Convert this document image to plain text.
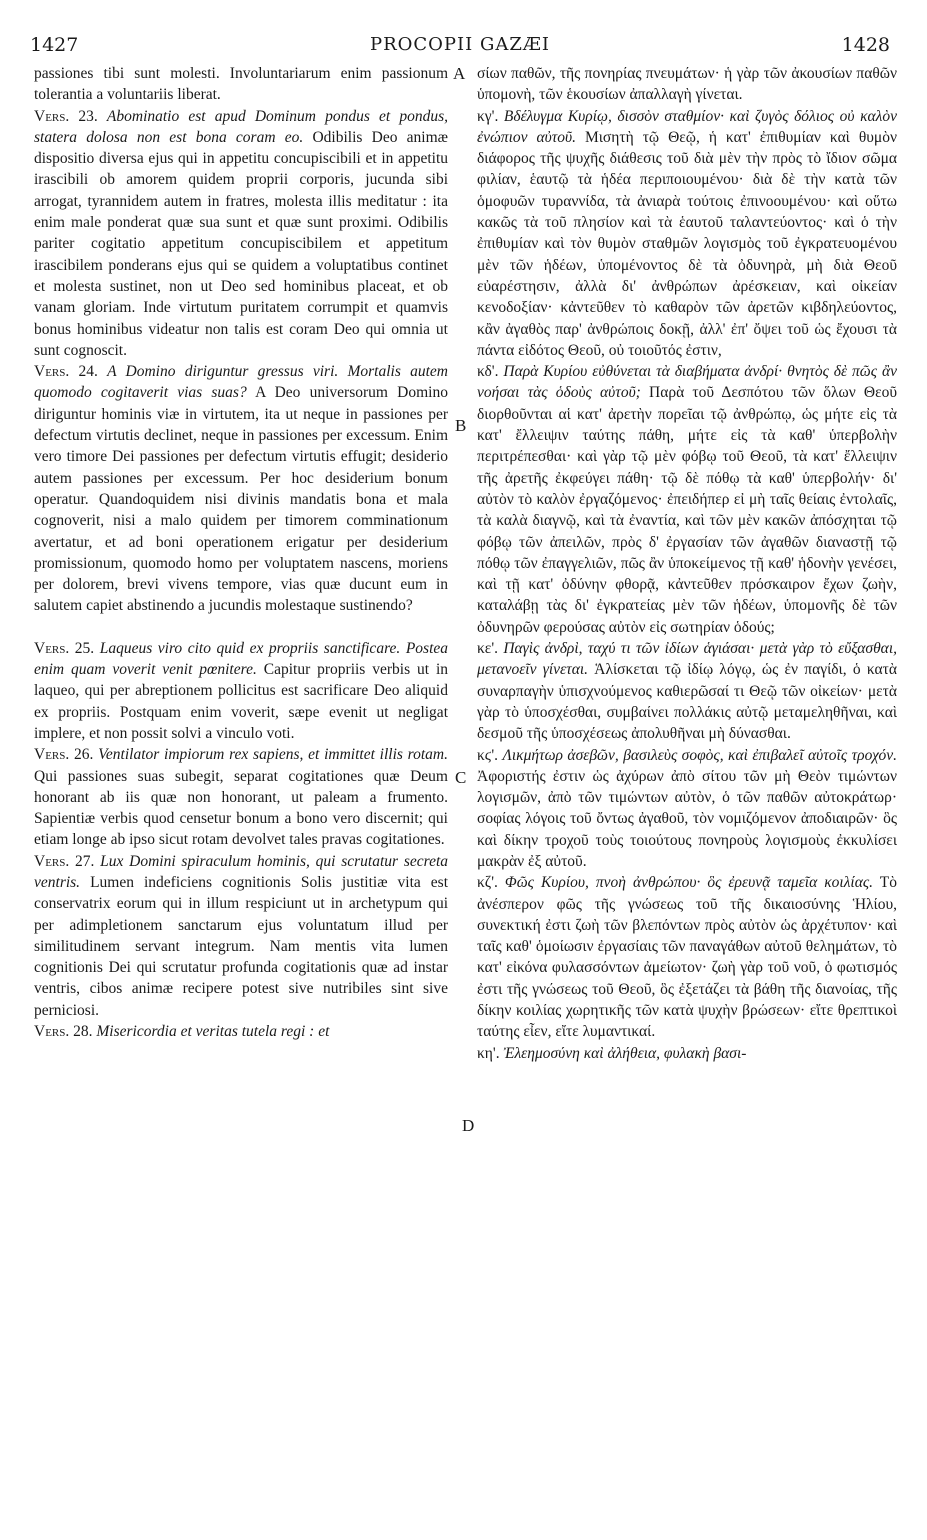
1427	PROCOPII GAZÆI	1428
A
B
C
D

passiones tibi sunt molesti. Involuntariarum enim passionum tolerantia a voluntariis liberat.

Vers. 23. Abominatio est apud Dominum pondus et pondus, statera dolosa non est bona coram eo. Odibilis Deo animæ dispositio diversa ejus qui in appetitu concupiscibili et in appetitu irascibili ob amorem quidem proprii corporis, jucunda sibi arrogat, tyrannidem autem in fratres, molesta illis meditatur : ita enim male ponderat quæ sua sunt et quæ sunt proximi. Odibilis pariter cogitatio appetitum concupiscibilem et appetitum irascibilem ponderans ejus qui se quidem a voluptatibus continet et molesta sustinet, non ut Deo sed hominibus placeat, et ob vanam gloriam. Inde virtutum puritatem corrumpit et quamvis bonus hominibus videatur non talis est coram Deo qui omnia ut sunt cognoscit.

Vers. 24. A Domino diriguntur gressus viri. Mortalis autem quomodo cogitaverit vias suas? A Deo universorum Domino diriguntur hominis viæ in virtutem, ita ut neque in passiones per defectum virtutis declinet, neque in passiones per excessum. Enim vero timore Dei passiones per defectum virtutis effugit; desiderio autem passiones per excessum. Per hoc desiderium bonum operatur. Quandoquidem nisi divinis mandatis bona et mala cognoverit, nisi a malo quidem per timorem comminationum avertatur, et ad boni operationem erigatur per desiderium promissionum, quomodo homo per voluptatem nascens, moriens per dolorem, brevi vivens tempore, vias quæ ducunt eum in salutem capiet abstinendo a jucundis molestaque sustinendo?

Vers. 25. Laqueus viro cito quid ex propriis sanctificare. Postea enim quam voverit venit pœnitere. Capitur propriis verbis ut in laqueo, qui per abreptionem pollicitus est sacrificare Deo aliquid ex propriis. Postquam enim voverit, sæpe evenit ut negligat implere, et non possit solvi a vinculo voti.

Vers. 26. Ventilator impiorum rex sapiens, et immittet illis rotam. Qui passiones suas subegit, separat cogitationes quæ Deum honorant ab iis quæ non honorant, ut paleam a frumento. Sapientiæ verbis quod censetur bonum a bono vero discernit; qui etiam longe ab ipso sicut rotam devolvet tales pravas cogitationes.

Vers. 27. Lux Domini spiraculum hominis, qui scrutatur secreta ventris. Lumen indeficiens cognitionis Solis justitiæ vita est conservatrix eorum qui in illum respiciunt ut in archetypum qui per adimpletionem sanctarum ejus voluntatum illud per similitudinem servant integrum. Nam mentis vita lumen cognitionis Dei qui scrutatur profunda cogitationis quæ ad instar ventris, cibos animæ recipere potest sive nutribiles sint sive perniciosi.

Vers. 28. Misericordia et veritas tutela regi : et

σίων παθῶν, τῆς πονηρίας πνευμάτων· ἡ γὰρ τῶν ἀκουσίων παθῶν ὑπομονὴ, τῶν ἑκουσίων ἀπαλλαγὴ γίνεται.

κγ'. Βδέλυγμα Κυρίῳ, δισσὸν σταθμίον· καὶ ζυγὸς δόλιος οὐ καλὸν ἐνώπιον αὐτοῦ. Μισητὴ τῷ Θεῷ, ἡ κατ' ἐπιθυμίαν καὶ θυμὸν διάφορος τῆς ψυχῆς διάθεσις τοῦ διὰ μὲν τὴν πρὸς τὸ ἴδιον σῶμα φιλίαν, ἑαυτῷ τὰ ἡδέα περιποιουμένου· διὰ δὲ τὴν κατὰ τῶν ὁμοφυῶν τυραννίδα, τὰ ἀνιαρὰ τούτοις ἐπινοουμένου· καὶ οὕτω κακῶς τὰ τοῦ πλησίον καὶ τὰ ἑαυτοῦ ταλαντεύοντος· καὶ ὁ τὴν ἐπιθυμίαν καὶ τὸν θυμὸν σταθμῶν λογισμὸς τοῦ ἐγκρατευομένου μὲν τῶν ἡδέων, ὑπομένοντος δὲ τὰ ὀδυνηρὰ, μὴ διὰ Θεοῦ εὐαρέστησιν, ἀλλὰ δι' ἀνθρώπων ἀρέσκειαν, καὶ οἰκείαν κενοδοξίαν· κἀντεῦθεν τὸ καθαρὸν τῶν ἀρετῶν κιβδηλεύοντος, κἂν ἀγαθὸς παρ' ἀνθρώποις δοκῇ, ἀλλ' ἐπ' ὄψει τοῦ ὡς ἔχουσι τὰ πάντα εἰδότος Θεοῦ, οὐ τοιοῦτός ἐστιν,

κδ'. Παρὰ Κυρίου εὐθύνεται τὰ διαβήματα ἀνδρί· θνητὸς δὲ πῶς ἂν νοήσαι τὰς ὁδοὺς αὐτοῦ; Παρὰ τοῦ Δεσπότου τῶν ὅλων Θεοῦ διορθοῦνται αἱ κατ' ἀρετὴν πορεῖαι τῷ ἀνθρώπῳ, ὡς μήτε εἰς τὰ κατ' ἔλλειψιν ταύτης πάθη, μήτε εἰς τὰ καθ' ὑπερβολὴν περιτρέπεσθαι· καὶ γὰρ τῷ μὲν φόβῳ τοῦ Θεοῦ, τὰ κατ' ἔλλειψιν τῆς ἀρετῆς ἐκφεύγει πάθη· τῷ δὲ πόθῳ τὰ καθ' ὑπερβολήν· δι' αὐτὸν τὸ καλὸν ἐργαζόμενος· ἐπειδήπερ εἰ μὴ ταῖς θείαις ἐντολαῖς, τὰ καλὰ διαγνῷ, καὶ τὰ ἐναντία, καὶ τῶν μὲν κακῶν ἀπόσχηται τῷ φόβῳ τῶν ἀπειλῶν, πρὸς δ' ἐργασίαν τῶν ἀγαθῶν διαναστῇ τῷ πόθῳ τῶν ἐπαγγελιῶν, πῶς ἂν ὑποκείμενος τῇ καθ' ἡδονὴν γενέσει, καὶ τῇ κατ' ὀδύνην φθορᾷ, κἀντεῦθεν πρόσκαιρον ἔχων ζωὴν, καταλάβῃ τὰς δι' ἐγκρατείας μὲν τῶν ἡδέων, ὑπομονῆς δὲ τῶν ὀδυνηρῶν φερούσας αὐτὸν εἰς σωτηρίαν ὁδούς;

κε'. Παγὶς ἀνδρὶ, ταχύ τι τῶν ἰδίων ἁγιάσαι· μετὰ γὰρ τὸ εὔξασθαι, μετανοεῖν γίνεται. Ἁλίσκεται τῷ ἰδίῳ λόγῳ, ὡς ἐν παγίδι, ὁ κατὰ συναρπαγὴν ὑπισχνούμενος καθιερῶσαί τι Θεῷ τῶν οἰκείων· μετὰ γὰρ τὸ ὑποσχέσθαι, συμβαίνει πολλάκις αὐτῷ μεταμεληθῆναι, καὶ δεσμοῦ τῆς ὑποσχέσεως ἀπολυθῆναι μὴ δύνασθαι.

κϛ'. Λικμήτωρ ἀσεβῶν, βασιλεὺς σοφὸς, καὶ ἐπιβαλεῖ αὐτοῖς τροχόν. Ἀφοριστής ἐστιν ὡς ἀχύρων ἀπὸ σίτου τῶν μὴ Θεὸν τιμώντων λογισμῶν, ἀπὸ τῶν τιμώντων αὐτὸν, ὁ τῶν παθῶν αὐτοκράτωρ· σοφίας λόγοις τοῦ ὄντως ἀγαθοῦ, τὸν νομιζόμενον ἀποδιαιρῶν· ὃς καὶ δίκην τροχοῦ τοὺς τοιούτους πονηροὺς λογισμοὺς ἐκκυλίσει μακρὰν ἐξ αὐτοῦ.

κζ'. Φῶς Κυρίου, πνοὴ ἀνθρώπου· ὃς ἐρευνᾷ ταμεῖα κοιλίας. Τὸ ἀνέσπερον φῶς τῆς γνώσεως τοῦ τῆς δικαιοσύνης Ἡλίου, συνεκτική ἐστι ζωὴ τῶν βλεπόντων πρὸς αὐτὸν ὡς ἀρχέτυπον· καὶ ταῖς καθ' ὁμοίωσιν ἐργασίαις τῶν παναγάθων αὐτοῦ θελημάτων, τὸ κατ' εἰκόνα φυλασσόντων ἀμείωτον· ζωὴ γὰρ τοῦ νοῦ, ὁ φωτισμός ἐστι τῆς γνώσεως τοῦ Θεοῦ, ὃς ἐξετάζει τὰ βάθη τῆς διανοίας, τῆς δίκην κοιλίας χωρητικῆς τῶν κατὰ ψυχὴν βρώσεων· εἴτε θρεπτικοὶ ταύτης εἶεν, εἴτε λυμαντικαί.

κη'. Ἐλεημοσύνη καὶ ἀλήθεια, φυλακὴ βασι-
